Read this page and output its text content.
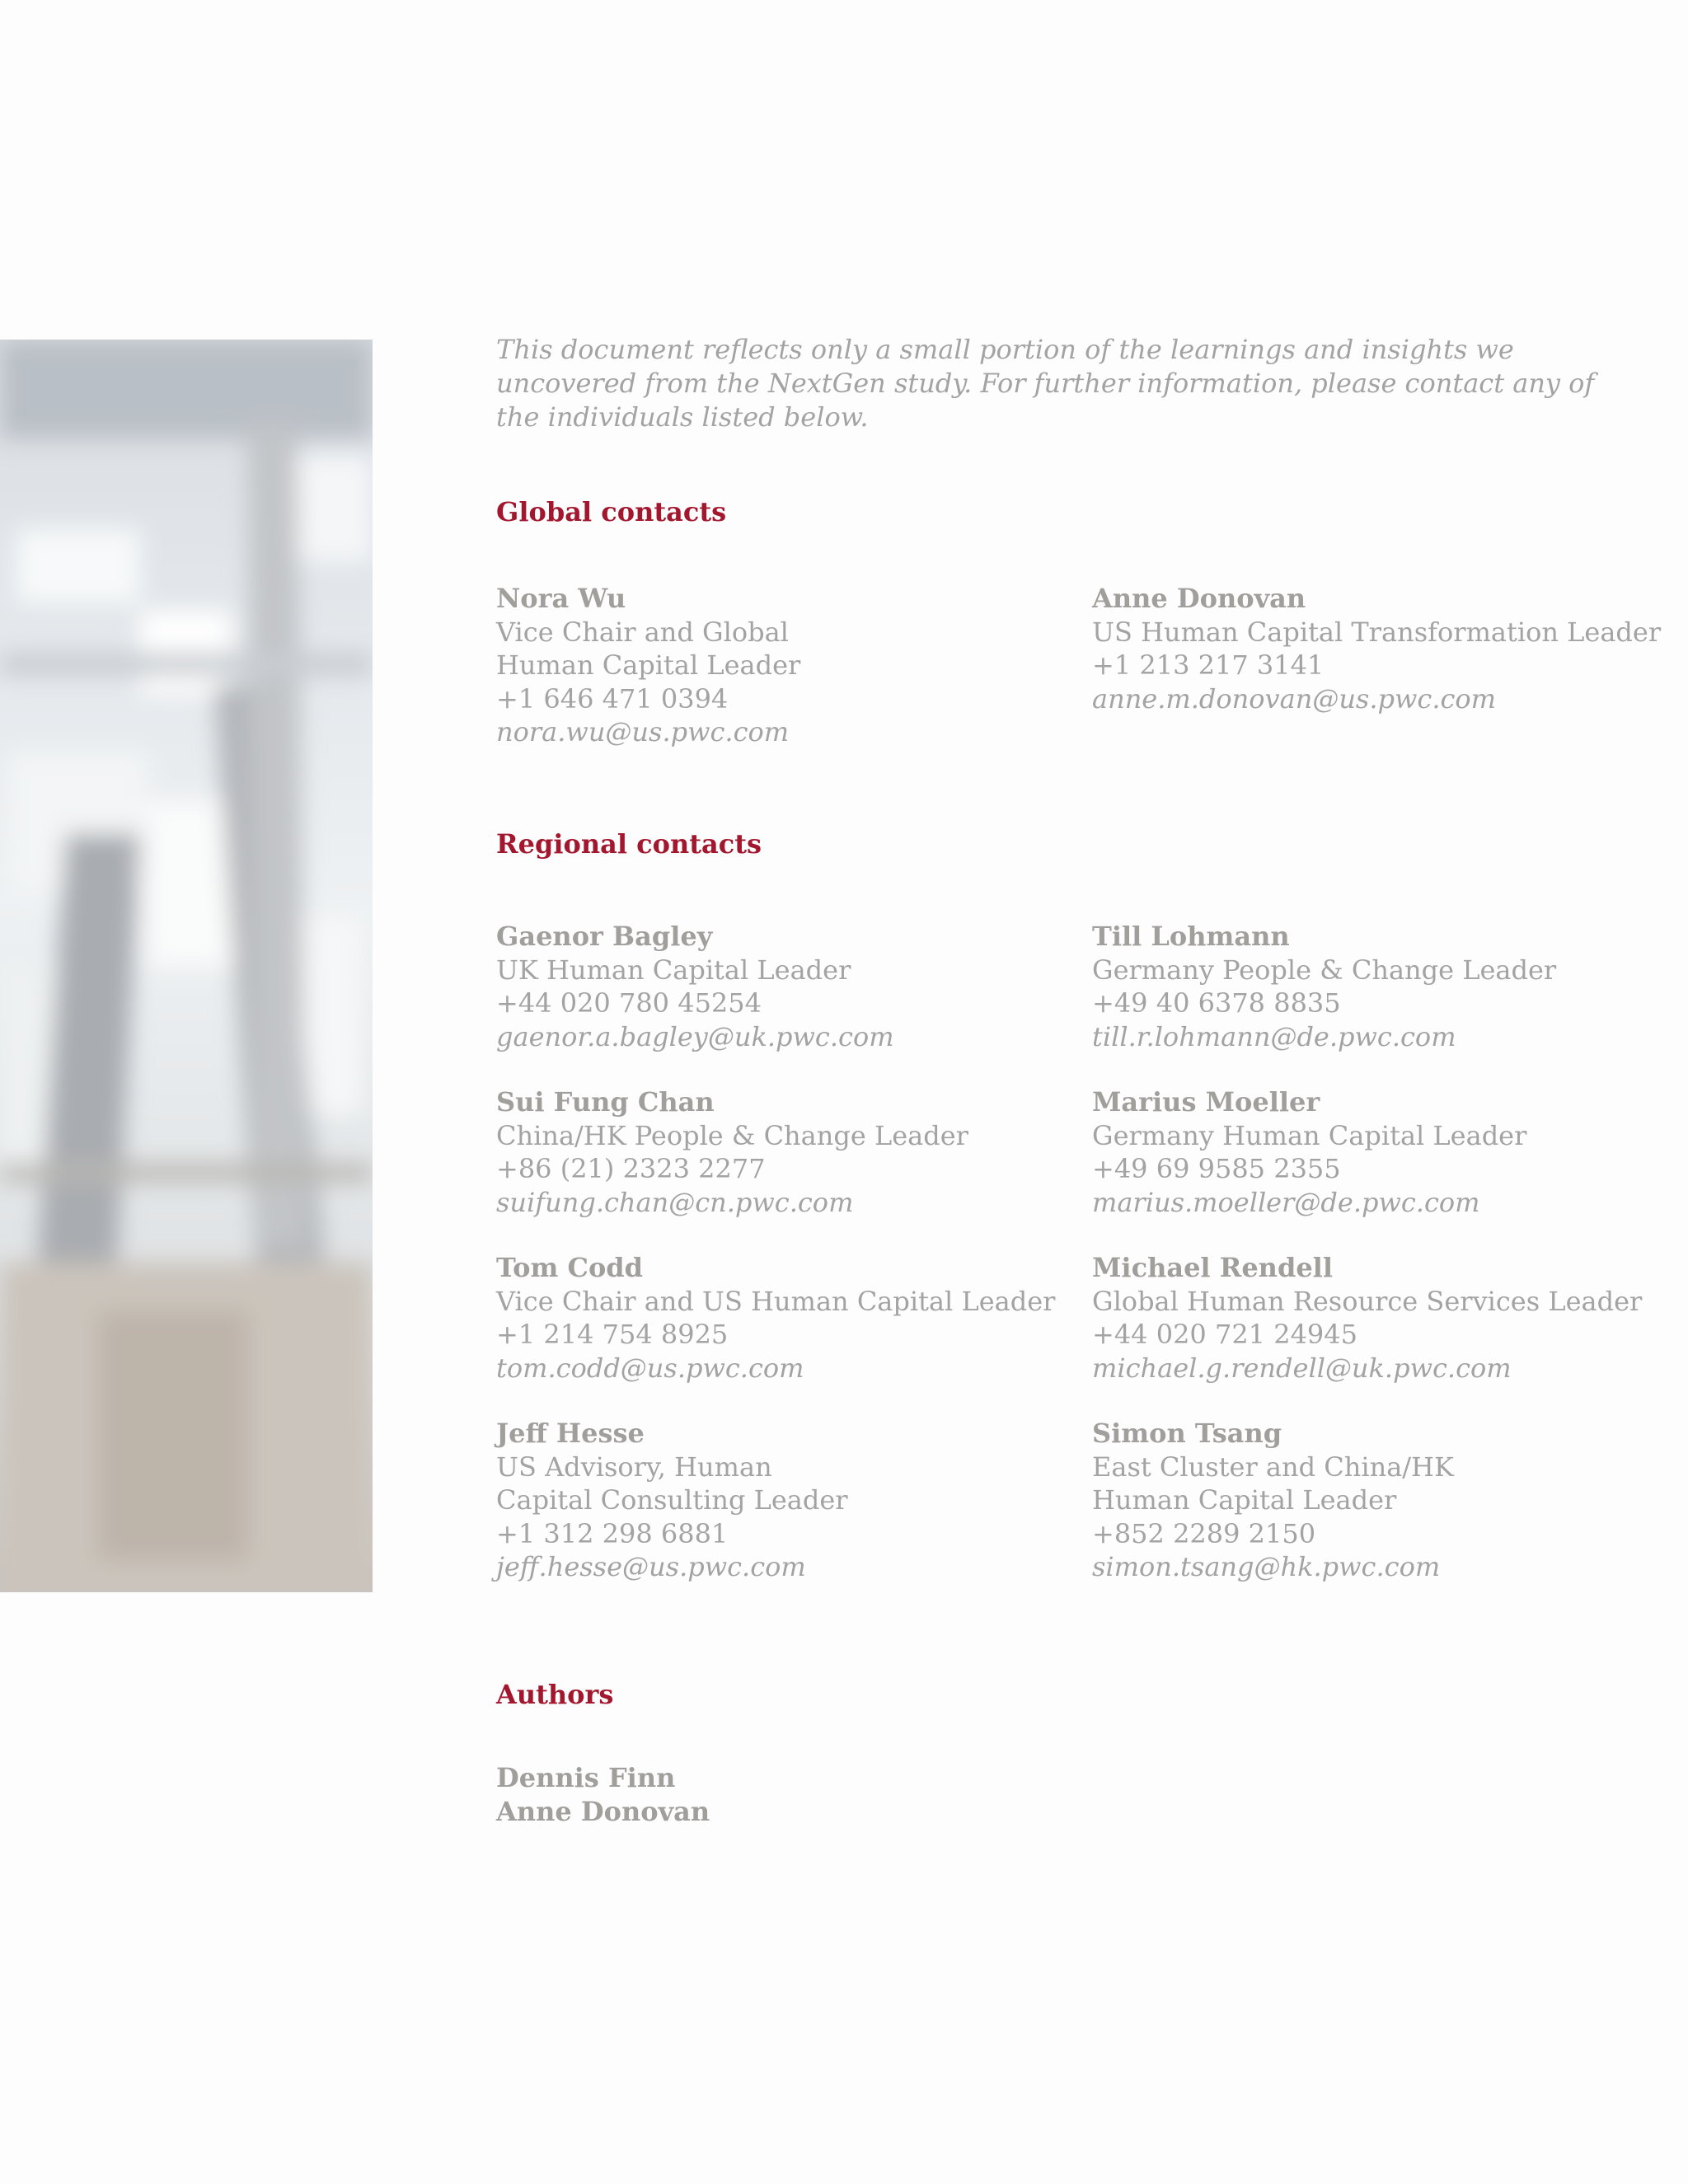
This document reflects only a small portion of the learnings and insights we uncovered from the NextGen study. For further information, please contact any of the individuals listed below.

Global contacts
Nora Wu
Vice Chair and Global Human Capital Leader
+1 646 471 0394
nora.wu@us.pwc.com
Anne Donovan
US Human Capital Transformation Leader
+1 213 217 3141
anne.m.donovan@us.pwc.com
Regional contacts
Gaenor Bagley
UK Human Capital Leader
+44 020 780 45254
gaenor.a.bagley@uk.pwc.com
Till Lohmann
Germany People & Change Leader
+49 40 6378 8835
till.r.lohmann@de.pwc.com
Sui Fung Chan
China/HK People & Change Leader
+86 (21) 2323 2277
suifung.chan@cn.pwc.com
Marius Moeller
Germany Human Capital Leader
+49 69 9585 2355
marius.moeller@de.pwc.com
Tom Codd
Vice Chair and US Human Capital Leader
+1 214 754 8925
tom.codd@us.pwc.com
Michael Rendell
Global Human Resource Services Leader
+44 020 721 24945
michael.g.rendell@uk.pwc.com
Jeff Hesse
US Advisory, Human Capital Consulting Leader
+1 312 298 6881
jeff.hesse@us.pwc.com
Simon Tsang
East Cluster and China/HK Human Capital Leader
+852 2289 2150
simon.tsang@hk.pwc.com
Authors
Dennis Finn
Anne Donovan
